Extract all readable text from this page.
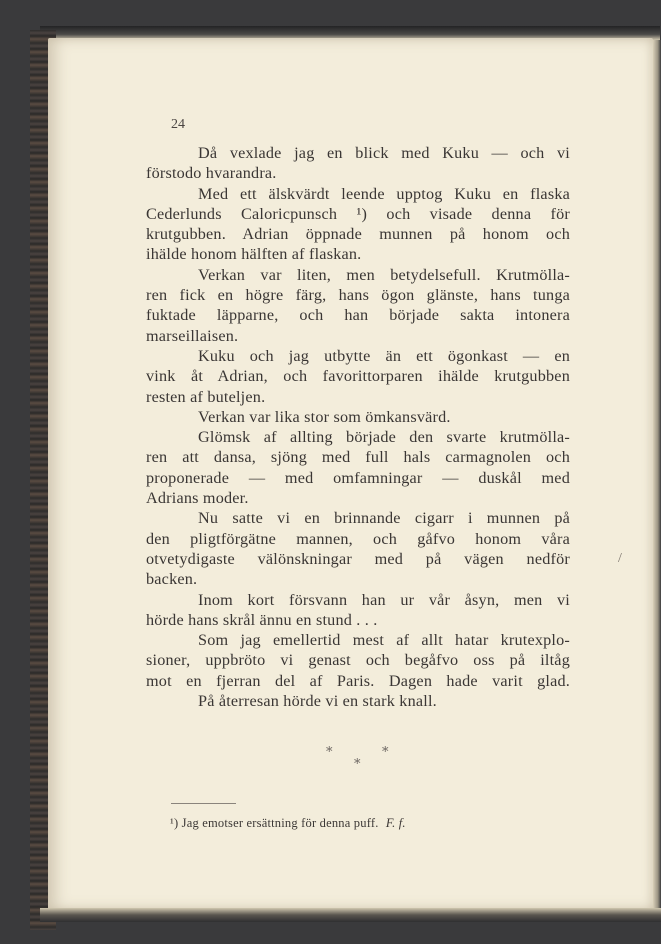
24
Då vexlade jag en blick med Kuku — och vi
förstodo hvarandra.
Med ett älskvärdt leende upptog Kuku en flaska
Cederlunds Caloricpunsch ¹) och visade denna för
krutgubben. Adrian öppnade munnen på honom och
ihälde honom hälften af flaskan.
Verkan var liten, men betydelsefull. Krutmölla-
ren fick en högre färg, hans ögon glänste, hans tunga
fuktade läpparne, och han började sakta intonera
marseillaisen.
Kuku och jag utbytte än ett ögonkast — en
vink åt Adrian, och favorittorparen ihälde krutgubben
resten af buteljen.
Verkan var lika stor som ömkansvärd.
Glömsk af allting började den svarte krutmölla-
ren att dansa, sjöng med full hals carmagnolen och
proponerade — med omfamningar — duskål med
Adrians moder.
Nu satte vi en brinnande cigarr i munnen på
den pligtförgätne mannen, och gåfvo honom våra
otvetydigaste välönskningar med på vägen nedför
backen.
Inom kort försvann han ur vår åsyn, men vi
hörde hans skrål ännu en stund . . .
Som jag emellertid mest af allt hatar krutexplo-
sioner, uppbröto vi genast och begåfvo oss på iltåg
mot en fjerran del af Paris. Dagen hade varit glad.
På återresan hörde vi en stark knall.
/
*	*
*
¹) Jag emotser ersättning för denna puff. F. f.
